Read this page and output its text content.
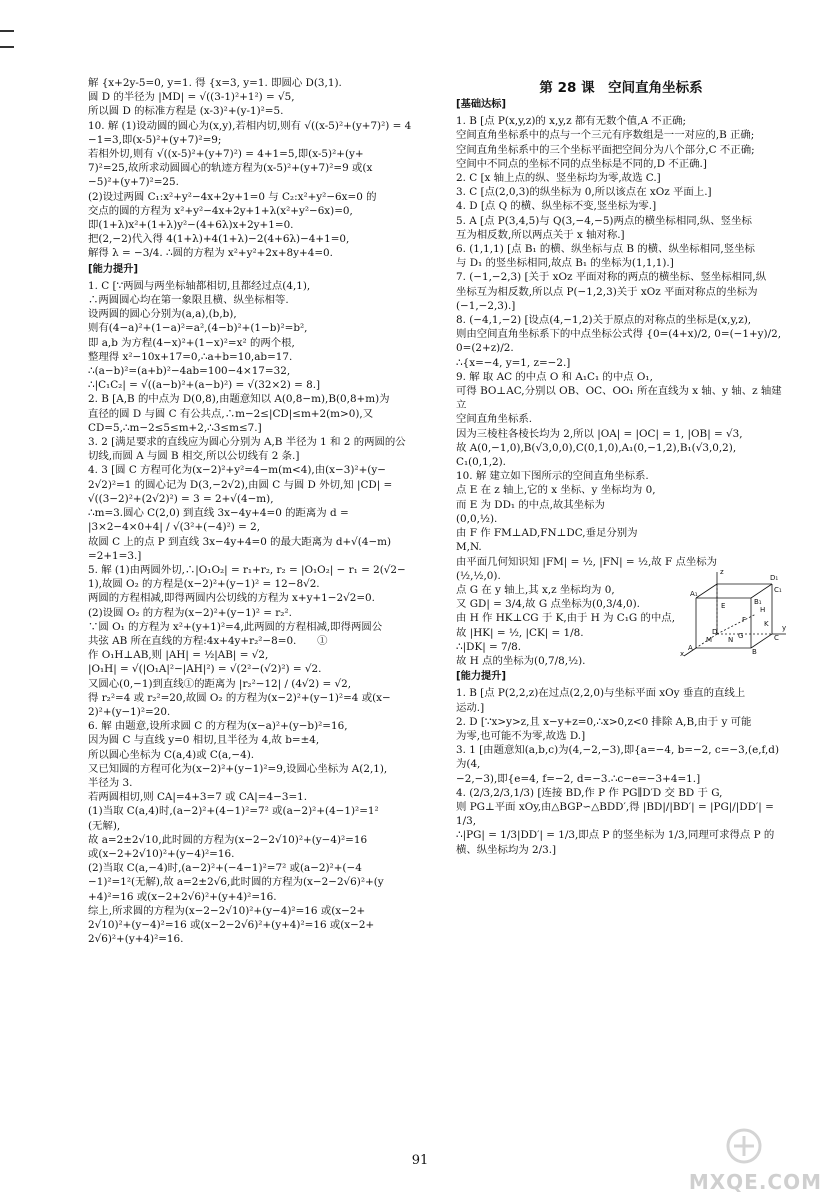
解 {x+2y-5=0, y=1. 得 {x=3, y=1. 即圆心 D(3,1).
圆 D 的半径为 |MD| = √((3-1)²+1²) = √5,
所以圆 D 的标准方程是 (x-3)²+(y-1)²=5.
10. 解 (1)设动圆的圆心为(x,y),若相内切,则有 √((x-5)²+(y+7)²) = 4
−1=3,即(x-5)²+(y+7)²=9;
若相外切,则有 √((x-5)²+(y+7)²) = 4+1=5,即(x-5)²+(y+
7)²=25,故所求动圆圆心的轨迹方程为(x-5)²+(y+7)²=9 或(x
−5)²+(y+7)²=25.
(2)设过两圆 C₁:x²+y²−4x+2y+1=0 与 C₂:x²+y²−6x=0 的
交点的圆的方程为 x²+y²−4x+2y+1+λ(x²+y²−6x)=0,
即(1+λ)x²+(1+λ)y²−(4+6λ)x+2y+1=0.
把(2,−2)代入得 4(1+λ)+4(1+λ)−2(4+6λ)−4+1=0,
解得 λ = −3/4. ∴圆的方程为 x²+y²+2x+8y+4=0.
[能力提升]
1. C [∵两圆与两坐标轴都相切,且都经过点(4,1),
∴两圆圆心均在第一象限且横、纵坐标相等.
设两圆的圆心分别为(a,a),(b,b),
则有(4−a)²+(1−a)²=a²,(4−b)²+(1−b)²=b²,
即 a,b 为方程(4−x)²+(1−x)²=x² 的两个根,
整理得 x²−10x+17=0,∴a+b=10,ab=17.
∴(a−b)²=(a+b)²−4ab=100−4×17=32,
∴|C₁C₂| = √((a−b)²+(a−b)²) = √(32×2) = 8.]
2. B [A,B 的中点为 D(0,8),由题意知以 A(0,8−m),B(0,8+m)为
直径的圆 D 与圆 C 有公共点,∴m−2≤|CD|≤m+2(m>0),又
CD=5,∴m−2≤5≤m+2,∴3≤m≤7.]
3. 2 [满足要求的直线应为圆心分别为 A,B 半径为 1 和 2 的两圆的公
切线,而圆 A 与圆 B 相交,所以公切线有 2 条.]
4. 3 [圆 C 方程可化为(x−2)²+y²=4−m(m<4),由(x−3)²+(y−
2√2)²=1 的圆心记为 D(3,−2√2),由圆 C 与圆 D 外切,知 |CD| =
√((3−2)²+(2√2)²) = 3 = 2+√(4−m),
∴m=3.圆心 C(2,0) 到直线 3x−4y+4=0 的距离为 d =
|3×2−4×0+4| / √(3²+(−4)²) = 2,
故圆 C 上的点 P 到直线 3x−4y+4=0 的最大距离为 d+√(4−m)
=2+1=3.]
5. 解 (1)由两圆外切,∴|O₁O₂| = r₁+r₂, r₂ = |O₁O₂| − r₁ = 2(√2−
1),故圆 O₂ 的方程是(x−2)²+(y−1)² = 12−8√2.
两圆的方程相减,即得两圆内公切线的方程为 x+y+1−2√2=0.
(2)设圆 O₂ 的方程为(x−2)²+(y−1)² = r₂².
∵圆 O₁ 的方程为 x²+(y+1)²=4,此两圆的方程相减,即得两圆公
共弦 AB 所在直线的方程:4x+4y+r₂²−8=0.　　①
作 O₁H⊥AB,则 |AH| = ½|AB| = √2,
|O₁H| = √(|O₁A|²−|AH|²) = √(2²−(√2)²) = √2.
又圆心(0,−1)到直线①的距离为 |r₂²−12| / (4√2) = √2,
得 r₂²=4 或 r₂²=20,故圆 O₂ 的方程为(x−2)²+(y−1)²=4 或(x−
2)²+(y−1)²=20.
6. 解 由题意,设所求圆 C 的方程为(x−a)²+(y−b)²=16,
因为圆 C 与直线 y=0 相切,且半径为 4,故 b=±4,
所以圆心坐标为 C(a,4)或 C(a,−4).
又已知圆的方程可化为(x−2)²+(y−1)²=9,设圆心坐标为 A(2,1),
半径为 3.
若两圆相切,则 CA|=4+3=7 或 CA|=4−3=1.
(1)当取 C(a,4)时,(a−2)²+(4−1)²=7² 或(a−2)²+(4−1)²=1²
(无解),
故 a=2±2√10,此时圆的方程为(x−2−2√10)²+(y−4)²=16
或(x−2+2√10)²+(y−4)²=16.
(2)当取 C(a,−4)时,(a−2)²+(−4−1)²=7² 或(a−2)²+(−4
−1)²=1²(无解),故 a=2±2√6,此时圆的方程为(x−2−2√6)²+(y
+4)²=16 或(x−2+2√6)²+(y+4)²=16.
综上,所求圆的方程为(x−2−2√10)²+(y−4)²=16 或(x−2+
2√10)²+(y−4)²=16 或(x−2−2√6)²+(y+4)²=16 或(x−2+
2√6)²+(y+4)²=16.
第 28 课　空间直角坐标系
[基础达标]
1. B [点 P(x,y,z)的 x,y,z 都有无数个值,A 不正确;
空间直角坐标系中的点与一个三元有序数组是一一对应的,B 正确;
空间直角坐标系中的三个坐标平面把空间分为八个部分,C 不正确;
空间中不同点的坐标不同的点坐标是不同的,D 不正确.]
2. C [x 轴上点的纵、竖坐标均为零,故选 C.]
3. C [点(2,0,3)的纵坐标为 0,所以该点在 xOz 平面上.]
4. D [点 Q 的横、纵坐标不变,竖坐标为零.]
5. A [点 P(3,4,5)与 Q(3,−4,−5)两点的横坐标相同,纵、竖坐标
互为相反数,所以两点关于 x 轴对称.]
6. (1,1,1) [点 B₁ 的横、纵坐标与点 B 的横、纵坐标相同,竖坐标
与 D₁ 的竖坐标相同,故点 B₁ 的坐标为(1,1,1).]
7. (−1,−2,3) [关于 xOz 平面对称的两点的横坐标、竖坐标相同,纵
坐标互为相反数,所以点 P(−1,2,3)关于 xOz 平面对称点的坐标为
(−1,−2,3).]
8. (−4,1,−2) [设点(4,−1,2)关于原点的对称点的坐标是(x,y,z),
则由空间直角坐标系下的中点坐标公式得 {0=(4+x)/2, 0=(−1+y)/2, 0=(2+z)/2.
∴{x=−4, y=1, z=−2.]
9. 解 取 AC 的中点 O 和 A₁C₁ 的中点 O₁,
可得 BO⊥AC,分别以 OB、OC、OO₁ 所在直线为 x 轴、y 轴、z 轴建立
空间直角坐标系.
因为三棱柱各棱长均为 2,所以 |OA| = |OC| = 1, |OB| = √3,
故 A(0,−1,0),B(√3,0,0),C(0,1,0),A₁(0,−1,2),B₁(√3,0,2),
C₁(0,1,2).
10. 解 建立如下图所示的空间直角坐标系.
点 E 在 z 轴上,它的 x 坐标、y 坐标均为 0,
而 E 为 DD₁ 的中点,故其坐标为
(0,0,½).
由 F 作 FM⊥AD,FN⊥DC,垂足分别为
M,N.
由平面几何知识知 |FM| = ½, |FN| = ½,故 F 点坐标为
(½,½,0).
点 G 在 y 轴上,其 x,z 坐标均为 0,
又 GD| = 3/4,故 G 点坐标为(0,3/4,0).
由 H 作 HK⊥CG 于 K,由于 H 为 C₁G 的中点,
故 |HK| = ½, |CK| = 1/8.
∴|DK| = 7/8.
故 H 点的坐标为(0,7/8,½).
[能力提升]
1. B [点 P(2,2,z)在过点(2,2,0)与坐标平面 xOy 垂直的直线上
运动.]
2. D [∵x>y>z,且 x−y+z=0,∴x>0,z<0 排除 A,B,由于 y 可能
为零,也可能不为零,故选 D.]
3. 1 [由题意知(a,b,c)为(4,−2,−3),即{a=−4, b=−2, c=−3,(e,f,d)为(4,
−2,−3),即{e=4, f=−2, d=−3.∴c−e=−3+4=1.]
4. (2/3,2/3,1/3) [连接 BD,作 P 作 PG∥D′D 交 BD 于 G,
则 PG⊥平面 xOy,由△BGP∽△BDD′,得 |BD|/|BD′| = |PG|/|DD′| = 1/3,
∴|PG| = 1/3|DD′| = 1/3,即点 P 的竖坐标为 1/3,同理可求得点 P 的
横、纵坐标均为 2/3.]
D₁
C₁
A₁
B₁
E	H
D
C
A	B
M N G
F	K
x
y
z
91
MXQE.COM
